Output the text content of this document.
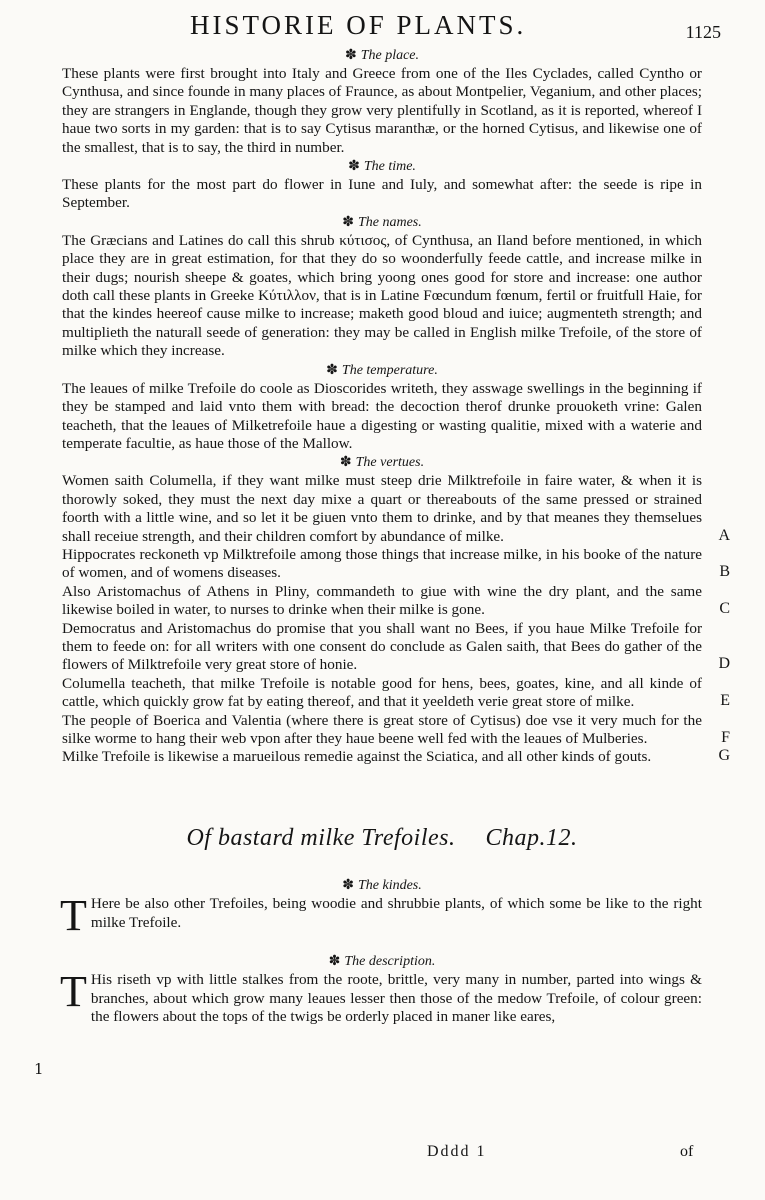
HISTORIE OF PLANTS.	1125
✽ The place.

These plants were first brought into Italy and Greece from one of the Iles Cyclades, called Cyntho or Cynthusa, and since founde in many places of Fraunce, as about Montpelier, Veganium, and other places; they are strangers in Englande, though they grow very plentifully in Scotland, as it is reported, whereof I haue two sorts in my garden: that is to say Cytisus maranthæ, or the horned Cytisus, and likewise one of the smallest, that is to say, the third in number.

✽ The time.

These plants for the most part do flower in Iune and Iuly, and somewhat after: the seede is ripe in September.

✽ The names.

The Græcians and Latines do call this shrub κύτισος, of Cynthusa, an Iland before mentioned, in which place they are in great estimation, for that they do so woonderfully feede cattle, and increase milke in their dugs; nourish sheepe & goates, which bring yoong ones good for store and increase: one author doth call these plants in Greeke Κύτιλλον, that is in Latine Fœcundum fœnum, fertil or fruitfull Haie, for that the kindes heereof cause milke to increase; maketh good bloud and iuice; augmenteth strength; and multiplieth the naturall seede of generation: they may be called in English milke Trefoile, of the store of milke which they increase.

✽ The temperature.

The leaues of milke Trefoile do coole as Dioscorides writeth, they asswage swellings in the beginning if they be stamped and laid vnto them with bread: the decoction therof drunke prouoketh vrine: Galen teacheth, that the leaues of Milketrefoile haue a digesting or wasting qualitie, mixed with a waterie and temperate facultie, as haue those of the Mallow.

✽ The vertues.

Women saith Columella, if they want milke must steep drie Milktrefoile in faire water, & when it is thorowly soked, they must the next day mixe a quart or thereabouts of the same pressed or strained foorth with a little wine, and so let it be giuen vnto them to drinke, and by that meanes they themselues shall receiue strength, and their children comfort by abundance of milke.	A

Hippocrates reckoneth vp Milktrefoile among those things that increase milke, in his booke of the nature of women, and of womens diseases.	B

Also Aristomachus of Athens in Pliny, commandeth to giue with wine the dry plant, and the same likewise boiled in water, to nurses to drinke when their milke is gone.	C

Democratus and Aristomachus do promise that you shall want no Bees, if you haue Milke Trefoile for them to feede on: for all writers with one consent do conclude as Galen saith, that Bees do gather of the flowers of Milktrefoile very great store of honie.	D

Columella teacheth, that milke Trefoile is notable good for hens, bees, goates, kine, and all kinde of cattle, which quickly grow fat by eating thereof, and that it yeeldeth verie great store of milke.	E

The people of Boerica and Valentia (where there is great store of Cytisus) doe vse it very much for the silke worme to hang their web vpon after they haue beene well fed with the leaues of Mulberies.	F

Milke Trefoile is likewise a marueilous remedie against the Sciatica, and all other kinds of gouts.	G
Of bastard milke Trefoiles. Chap.12.
✽ The kindes.
T Here be also other Trefoiles, being woodie and shrubbie plants, of which some be like to the right milke Trefoile.

✽ The description.
T His riseth vp with little stalkes from the roote, brittle, very many in number, parted into wings & branches, about which grow many leaues lesser then those of the medow Trefoile, of colour green: the flowers about the tops of the twigs be orderly placed in maner like eares,

1
Dddd 1	of
